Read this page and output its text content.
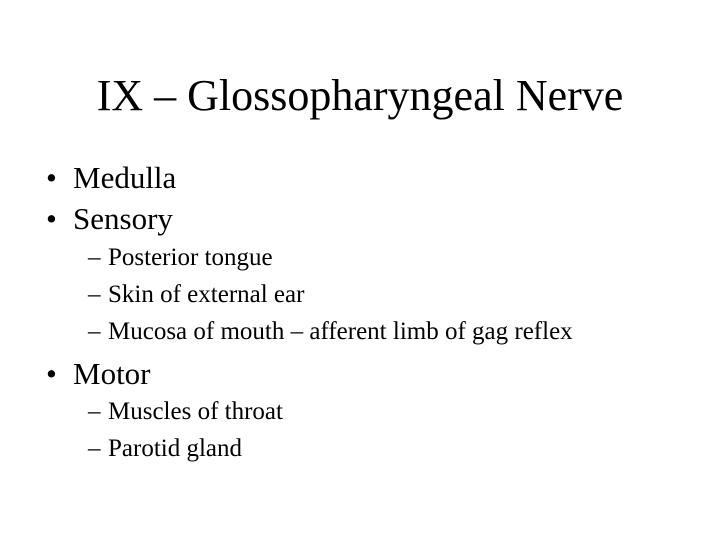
IX – Glossopharyngeal Nerve
• Medulla
• Sensory
– Posterior tongue
– Skin of external ear
– Mucosa of mouth – afferent limb of gag reflex
• Motor
– Muscles of throat
– Parotid gland
